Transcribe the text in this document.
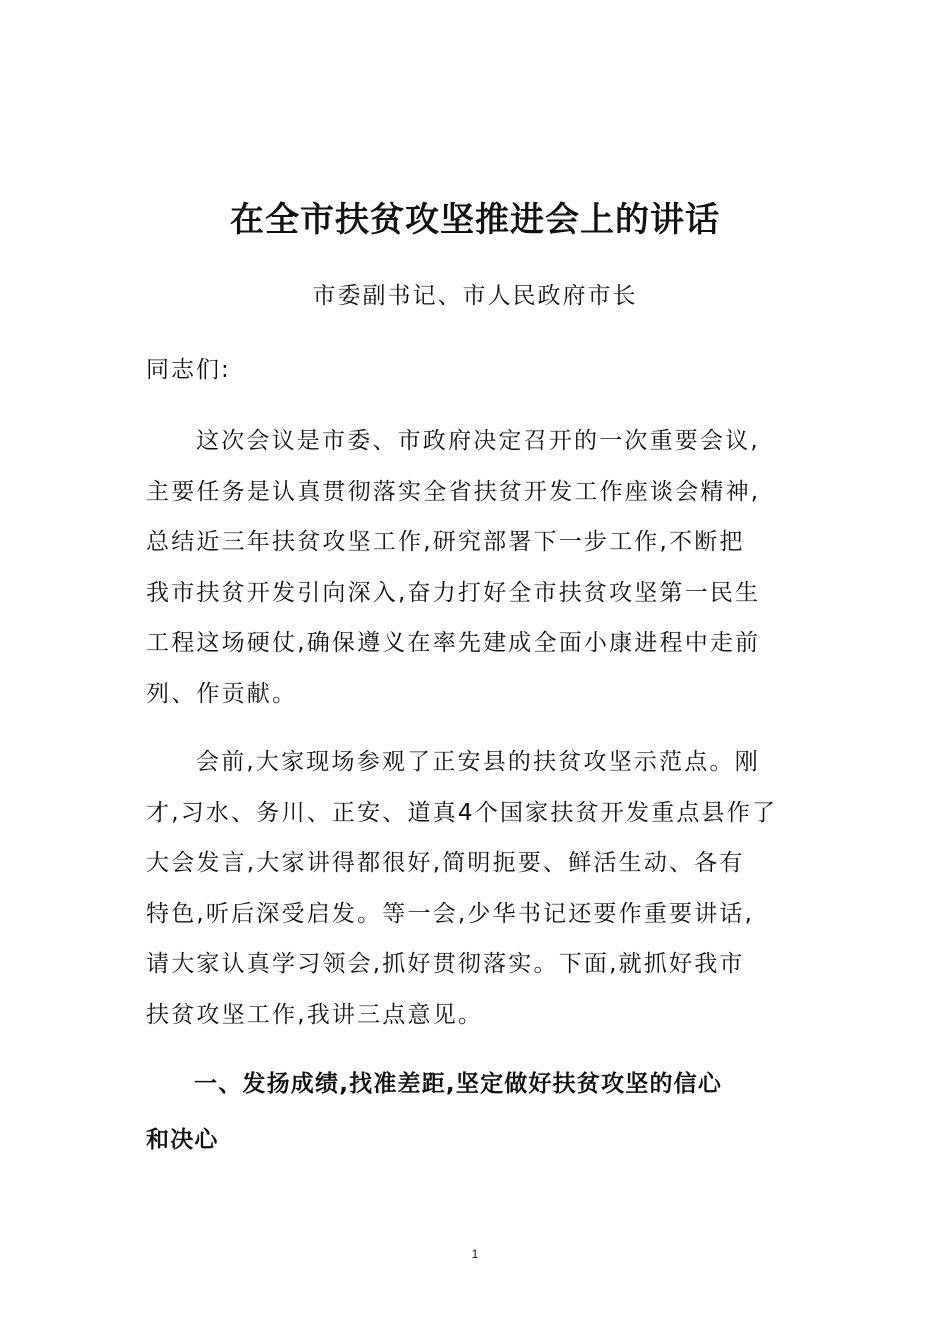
在全市扶贫攻坚推进会上的讲话
市委副书记、市人民政府市长
同志们:
这次会议是市委、市政府决定召开的一次重要会议,
主要任务是认真贯彻落实全省扶贫开发工作座谈会精神,
总结近三年扶贫攻坚工作,研究部署下一步工作,不断把
我市扶贫开发引向深入,奋力打好全市扶贫攻坚第一民生
工程这场硬仗,确保遵义在率先建成全面小康进程中走前
列、作贡献。
会前,大家现场参观了正安县的扶贫攻坚示范点。刚
才,习水、务川、正安、道真4个国家扶贫开发重点县作了
大会发言,大家讲得都很好,简明扼要、鲜活生动、各有
特色,听后深受启发。等一会,少华书记还要作重要讲话,
请大家认真学习领会,抓好贯彻落实。下面,就抓好我市
扶贫攻坚工作,我讲三点意见。
一、发扬成绩,找准差距,坚定做好扶贫攻坚的信心
和决心
1
